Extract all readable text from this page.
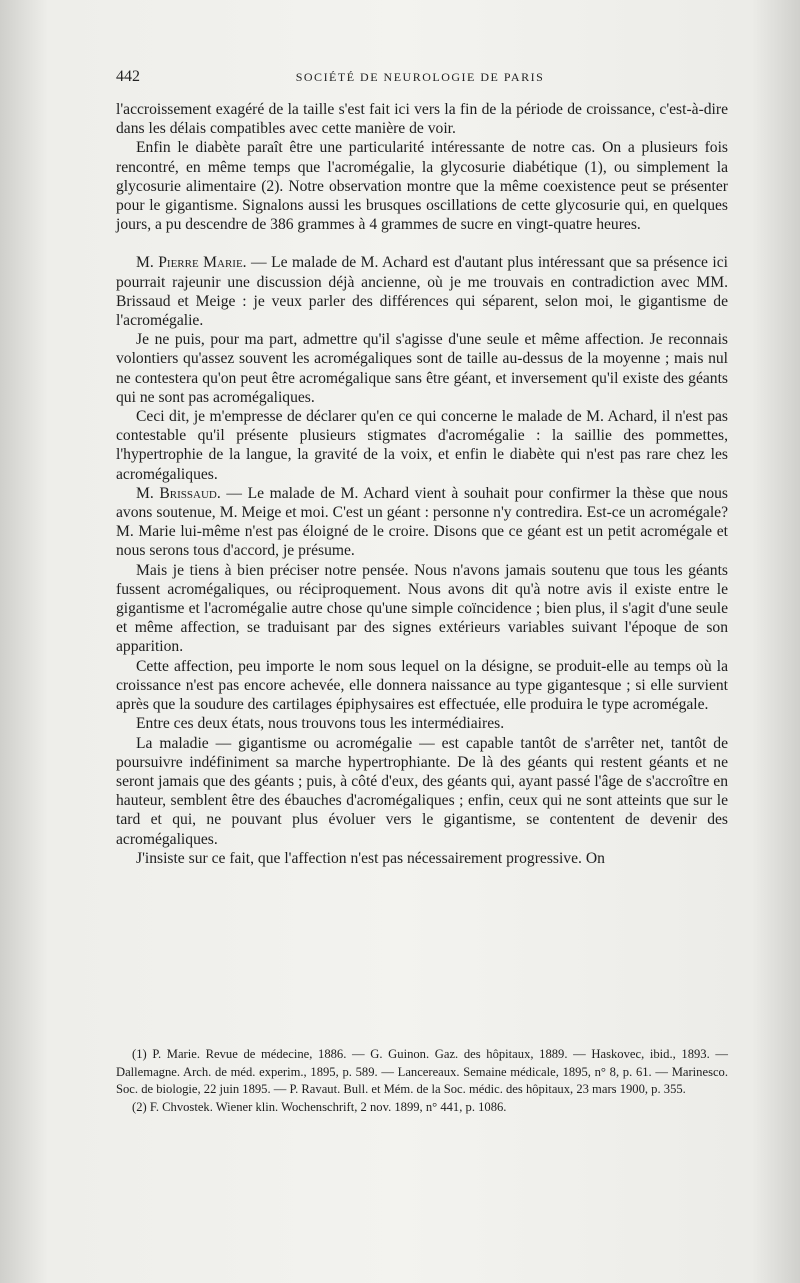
442	SOCIÉTÉ DE NEUROLOGIE DE PARIS

l'accroissement exagéré de la taille s'est fait ici vers la fin de la période de croissance, c'est-à-dire dans les délais compatibles avec cette manière de voir.

Enfin le diabète paraît être une particularité intéressante de notre cas. On a plusieurs fois rencontré, en même temps que l'acromégalie, la glycosurie diabétique (1), ou simplement la glycosurie alimentaire (2). Notre observation montre que la même coexistence peut se présenter pour le gigantisme. Signalons aussi les brusques oscillations de cette glycosurie qui, en quelques jours, a pu descendre de 386 grammes à 4 grammes de sucre en vingt-quatre heures.

M. Pierre Marie. — Le malade de M. Achard est d'autant plus intéressant que sa présence ici pourrait rajeunir une discussion déjà ancienne, où je me trouvais en contradiction avec MM. Brissaud et Meige : je veux parler des différences qui séparent, selon moi, le gigantisme de l'acromégalie.

Je ne puis, pour ma part, admettre qu'il s'agisse d'une seule et même affection. Je reconnais volontiers qu'assez souvent les acromégaliques sont de taille au-dessus de la moyenne ; mais nul ne contestera qu'on peut être acromégalique sans être géant, et inversement qu'il existe des géants qui ne sont pas acromégaliques.

Ceci dit, je m'empresse de déclarer qu'en ce qui concerne le malade de M. Achard, il n'est pas contestable qu'il présente plusieurs stigmates d'acromégalie : la saillie des pommettes, l'hypertrophie de la langue, la gravité de la voix, et enfin le diabète qui n'est pas rare chez les acromégaliques.

M. Brissaud. — Le malade de M. Achard vient à souhait pour confirmer la thèse que nous avons soutenue, M. Meige et moi. C'est un géant : personne n'y contredira. Est-ce un acromégale? M. Marie lui-même n'est pas éloigné de le croire. Disons que ce géant est un petit acromégale et nous serons tous d'accord, je présume.

Mais je tiens à bien préciser notre pensée. Nous n'avons jamais soutenu que tous les géants fussent acromégaliques, ou réciproquement. Nous avons dit qu'à notre avis il existe entre le gigantisme et l'acromégalie autre chose qu'une simple coïncidence ; bien plus, il s'agit d'une seule et même affection, se traduisant par des signes extérieurs variables suivant l'époque de son apparition.

Cette affection, peu importe le nom sous lequel on la désigne, se produit-elle au temps où la croissance n'est pas encore achevée, elle donnera naissance au type gigantesque ; si elle survient après que la soudure des cartilages épiphysaires est effectuée, elle produira le type acromégale.

Entre ces deux états, nous trouvons tous les intermédiaires.

La maladie — gigantisme ou acromégalie — est capable tantôt de s'arrêter net, tantôt de poursuivre indéfiniment sa marche hypertrophiante. De là des géants qui restent géants et ne seront jamais que des géants ; puis, à côté d'eux, des géants qui, ayant passé l'âge de s'accroître en hauteur, semblent être des ébauches d'acromégaliques ; enfin, ceux qui ne sont atteints que sur le tard et qui, ne pouvant plus évoluer vers le gigantisme, se contentent de devenir des acromégaliques.

J'insiste sur ce fait, que l'affection n'est pas nécessairement progressive. On

(1) P. Marie. Revue de médecine, 1886. — G. Guinon. Gaz. des hôpitaux, 1889. — Haskovec, ibid., 1893. — Dallemagne. Arch. de méd. experim., 1895, p. 589. — Lancereaux. Semaine médicale, 1895, n° 8, p. 61. — Marinesco. Soc. de biologie, 22 juin 1895. — P. Ravaut. Bull. et Mém. de la Soc. médic. des hôpitaux, 23 mars 1900, p. 355.

(2) F. Chvostek. Wiener klin. Wochenschrift, 2 nov. 1899, n° 441, p. 1086.
